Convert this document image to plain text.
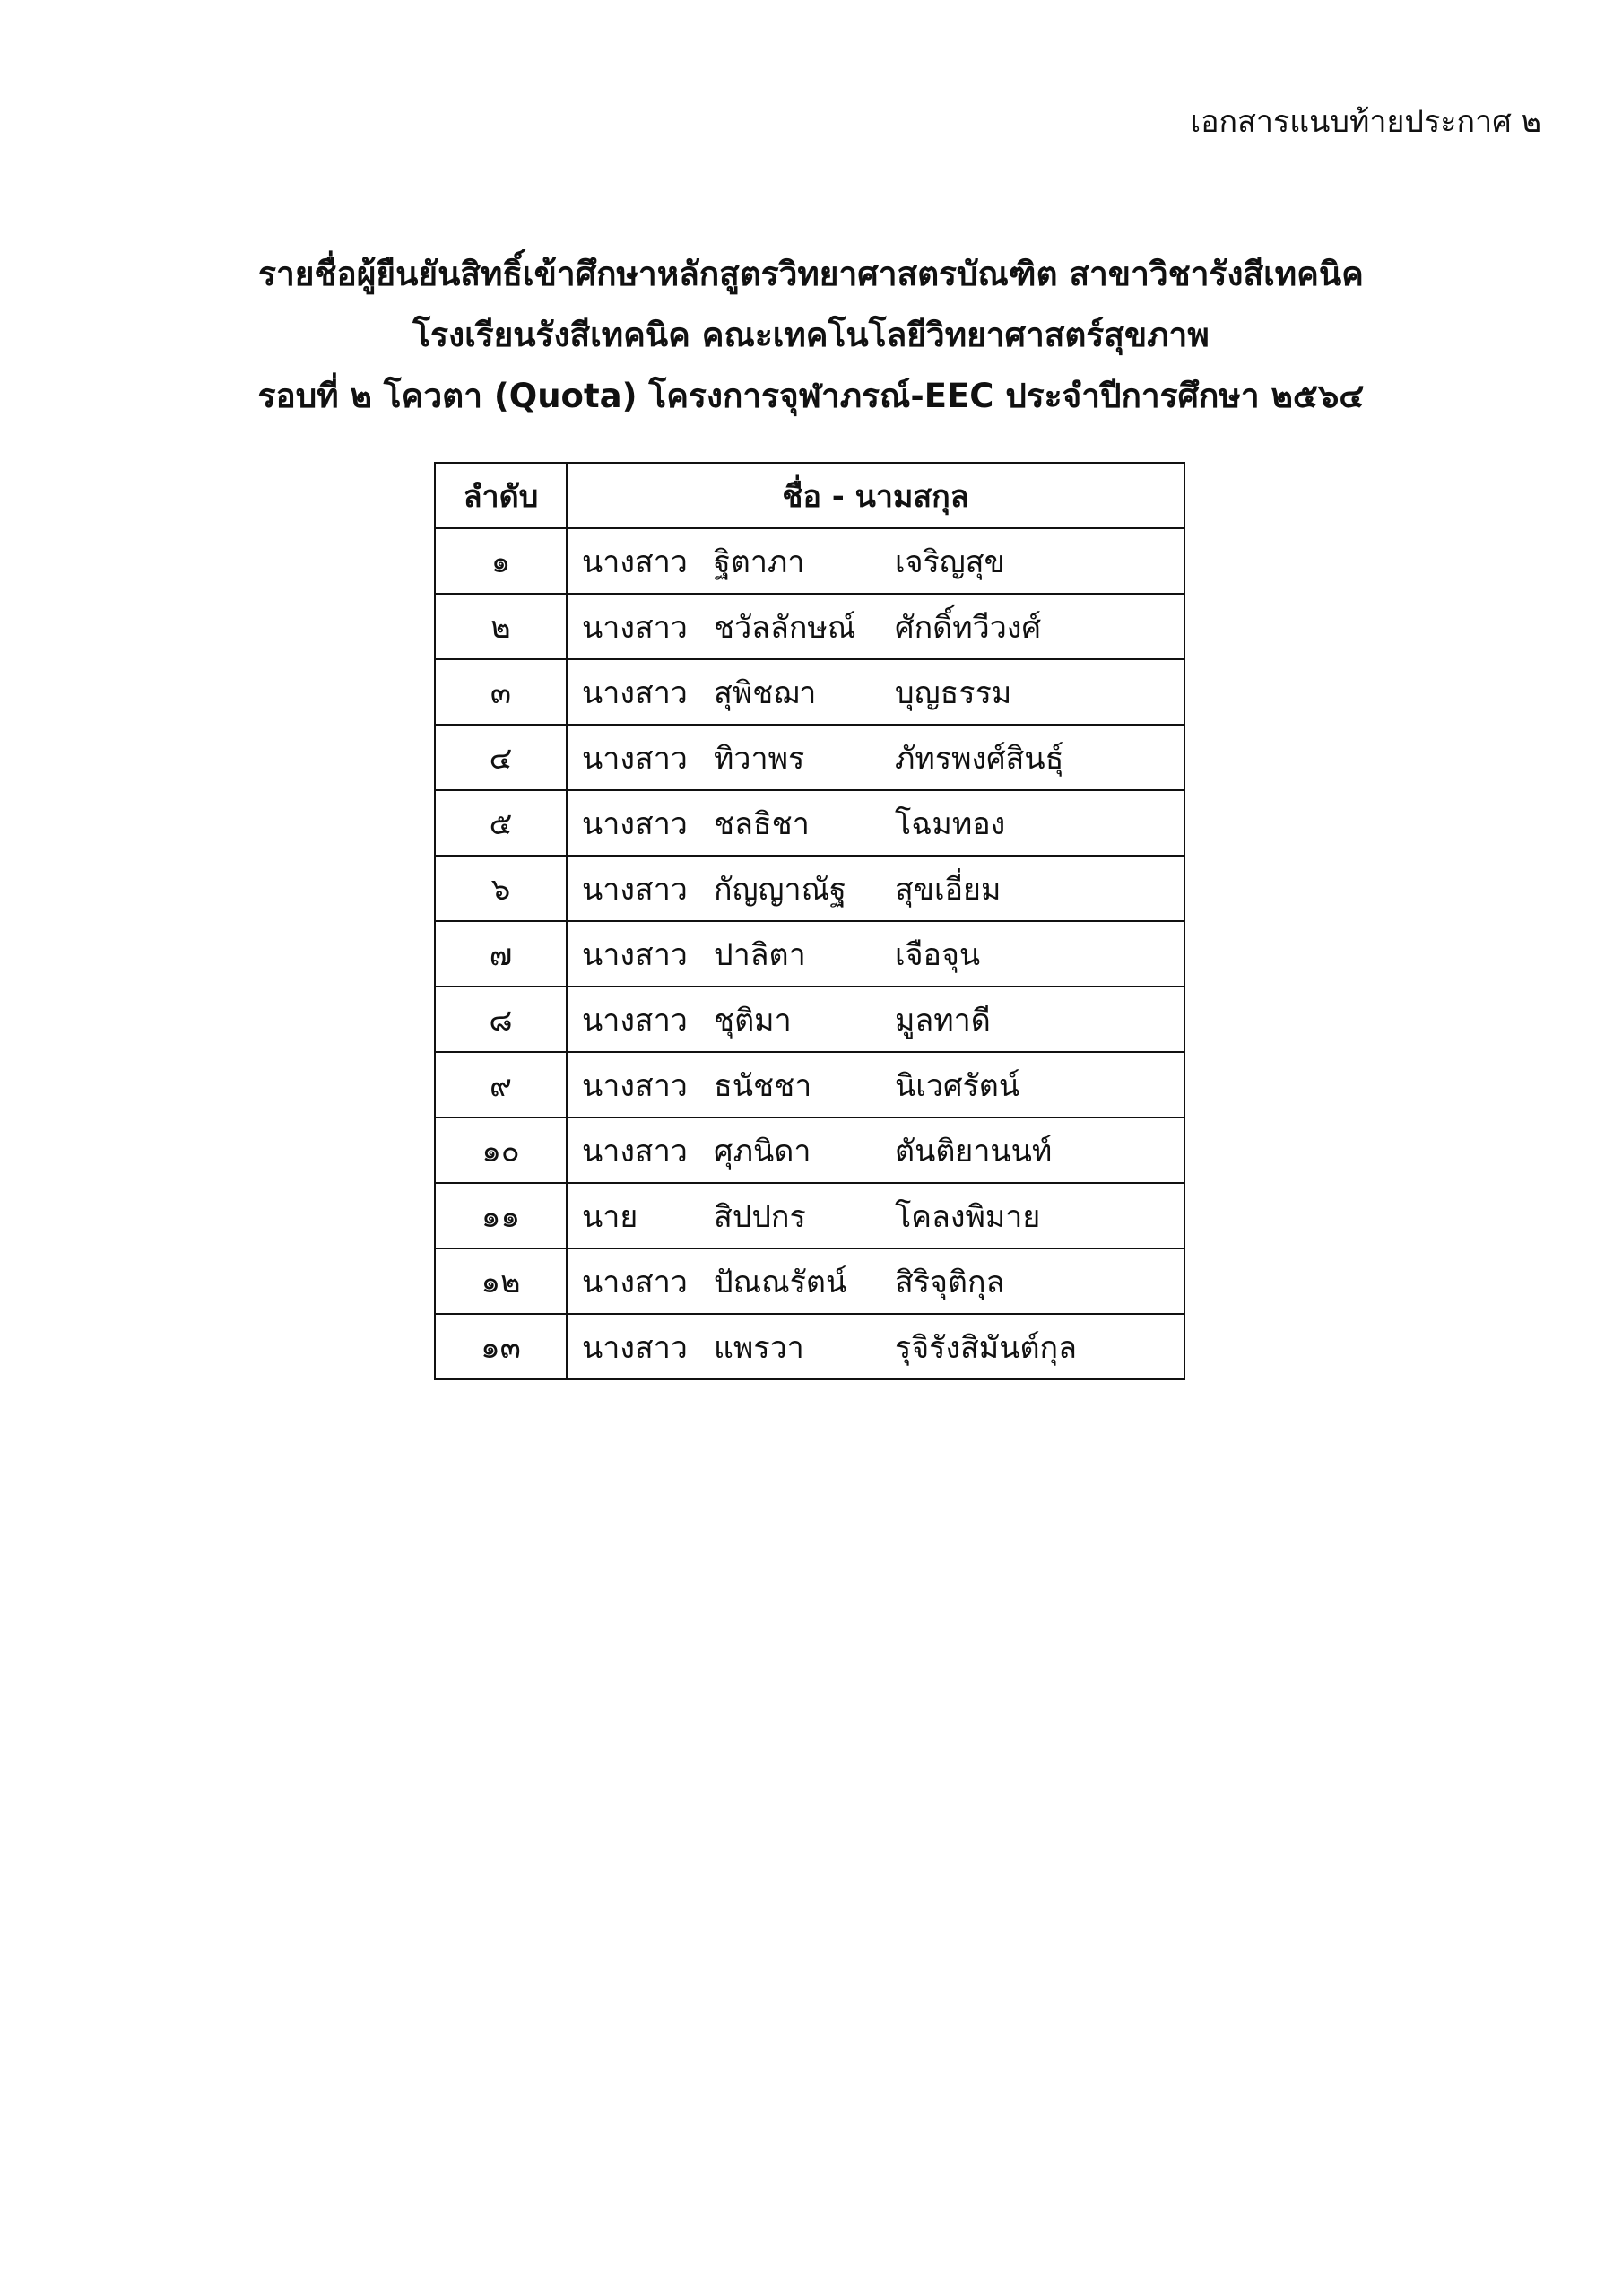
เอกสารแนบท้ายประกาศ ๒
รายชื่อผู้ยืนยันสิทธิ์เข้าศึกษาหลักสูตรวิทยาศาสตรบัณฑิต สาขาวิชารังสีเทคนิค
โรงเรียนรังสีเทคนิค คณะเทคโนโลยีวิทยาศาสตร์สุขภาพ
รอบที่ ๒ โควตา (Quota) โครงการจุฬาภรณ์-EEC ประจำปีการศึกษา ๒๕๖๔
ลำดับ	ชื่อ - นามสกุล
๑	นางสาว ฐิตาภา เจริญสุข
๒	นางสาว ชวัลลักษณ์ ศักดิ์ทวีวงศ์
๓	นางสาว สุพิชฌา บุญธรรม
๔	นางสาว ทิวาพร ภัทรพงศ์สินธุ์
๕	นางสาว ชลธิชา โฉมทอง
๖	นางสาว กัญญาณัฐ สุขเอี่ยม
๗	นางสาว ปาลิตา เจือจุน
๘	นางสาว ชุติมา มูลทาดี
๙	นางสาว ธนัชชา นิเวศรัตน์
๑๐	นางสาว ศุภนิดา ตันติยานนท์
๑๑	นาย สิปปกร โคลงพิมาย
๑๒	นางสาว ปัณณรัตน์ สิริจุติกุล
๑๓	นางสาว แพรวา รุจิรังสิมันต์กุล
